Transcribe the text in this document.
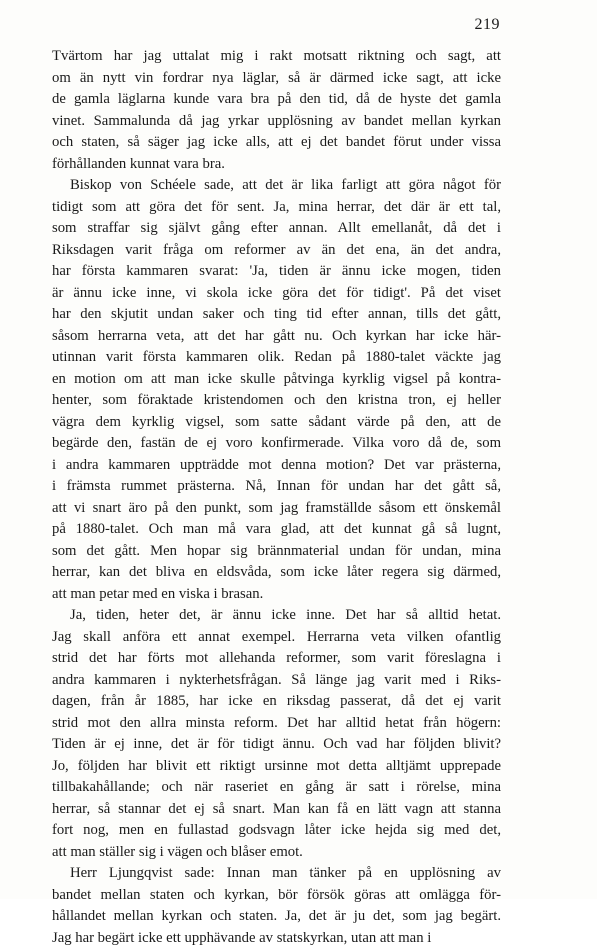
219

Tvärtom har jag uttalat mig i rakt motsatt riktning och sagt, att
om än nytt vin fordrar nya läglar, så är därmed icke sagt, att icke
de gamla läglarna kunde vara bra på den tid, då de hyste det gamla
vinet. Sammalunda då jag yrkar upplösning av bandet mellan kyrkan
och staten, så säger jag icke alls, att ej det bandet förut under vissa
förhållanden kunnat vara bra.

Biskop von Schéele sade, att det är lika farligt att göra något för
tidigt som att göra det för sent. Ja, mina herrar, det där är ett tal,
som straffar sig självt gång efter annan. Allt emellanåt, då det i
Riksdagen varit fråga om reformer av än det ena, än det andra,
har första kammaren svarat: 'Ja, tiden är ännu icke mogen, tiden
är ännu icke inne, vi skola icke göra det för tidigt'. På det viset
har den skjutit undan saker och ting tid efter annan, tills det gått,
såsom herrarna veta, att det har gått nu. Och kyrkan har icke här-
utinnan varit första kammaren olik. Redan på 1880-talet väckte jag
en motion om att man icke skulle påtvinga kyrklig vigsel på kontra-
henter, som föraktade kristendomen och den kristna tron, ej heller
vägra dem kyrklig vigsel, som satte sådant värde på den, att de
begärde den, fastän de ej voro konfirmerade. Vilka voro då de, som
i andra kammaren uppträdde mot denna motion? Det var prästerna,
i främsta rummet prästerna. Nå, Innan för undan har det gått så,
att vi snart äro på den punkt, som jag framställde såsom ett önskemål
på 1880-talet. Och man må vara glad, att det kunnat gå så lugnt,
som det gått. Men hopar sig brännmaterial undan för undan, mina
herrar, kan det bliva en eldsvåda, som icke låter regera sig därmed,
att man petar med en viska i brasan.

Ja, tiden, heter det, är ännu icke inne. Det har så alltid hetat.
Jag skall anföra ett annat exempel. Herrarna veta vilken ofantlig
strid det har förts mot allehanda reformer, som varit föreslagna i
andra kammaren i nykterhetsfrågan. Så länge jag varit med i Riks-
dagen, från år 1885, har icke en riksdag passerat, då det ej varit
strid mot den allra minsta reform. Det har alltid hetat från högern:
Tiden är ej inne, det är för tidigt ännu. Och vad har följden blivit?
Jo, följden har blivit ett riktigt ursinne mot detta alltjämt upprepade
tillbakahållande; och när raseriet en gång är satt i rörelse, mina
herrar, så stannar det ej så snart. Man kan få en lätt vagn att stanna
fort nog, men en fullastad godsvagn låter icke hejda sig med det,
att man ställer sig i vägen och blåser emot.

Herr Ljungqvist sade: Innan man tänker på en upplösning av
bandet mellan staten och kyrkan, bör försök göras att omlägga för-
hållandet mellan kyrkan och staten. Ja, det är ju det, som jag begärt.
Jag har begärt icke ett upphävande av statskyrkan, utan att man i
